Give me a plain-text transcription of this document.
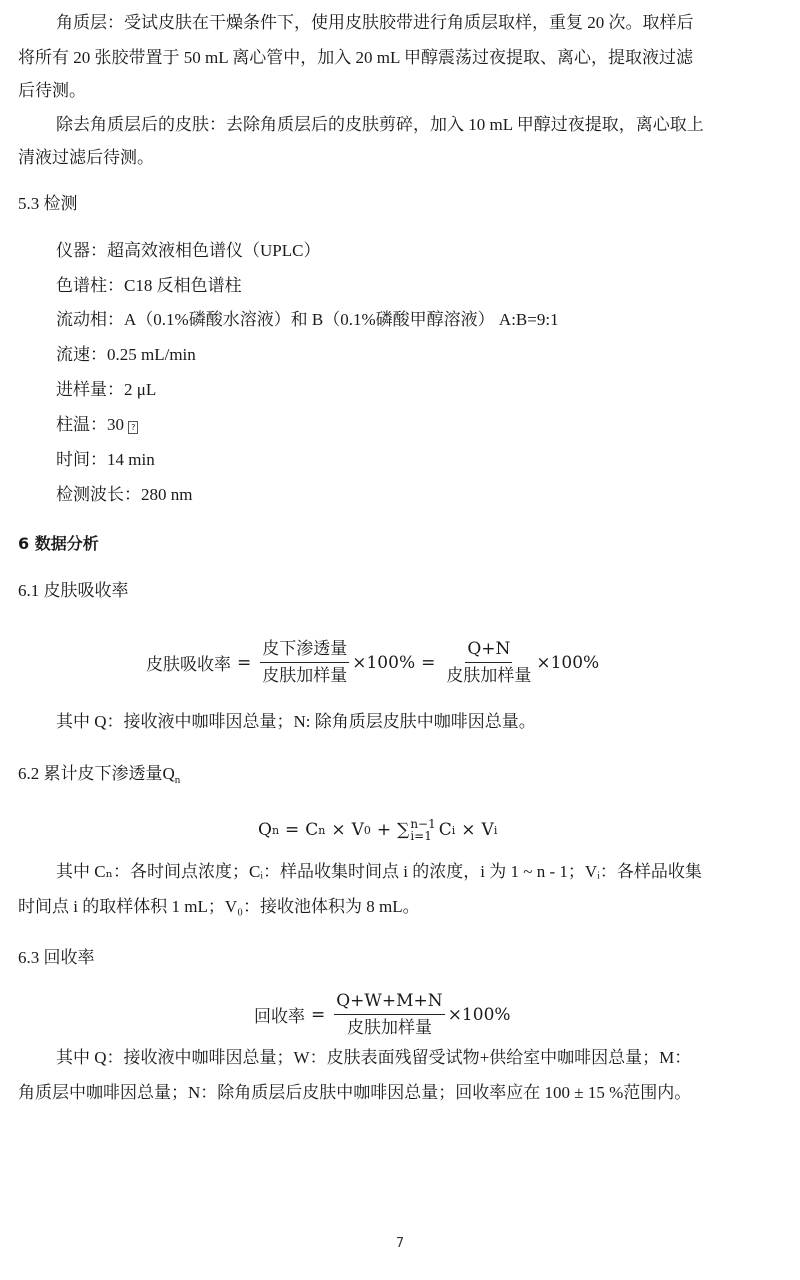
角质层：受试皮肤在干燥条件下，使用皮肤胶带进行角质层取样，重复 20 次。取样后
将所有 20 张胶带置于 50 mL 离心管中，加入 20 mL 甲醇震荡过夜提取、离心，提取液过滤
后待测。
除去角质层后的皮肤：去除角质层后的皮肤剪碎，加入 10 mL 甲醇过夜提取，离心取上
清液过滤后待测。
5.3 检测
仪器：超高效液相色谱仪（UPLC）
色谱柱：C18 反相色谱柱
流动相：A（0.1%磷酸水溶液）和 B（0.1%磷酸甲醇溶液） A:B=9:1
流速：0.25 mL/min
进样量：2 μL
柱温：30 ?
时间：14 min
检测波长：280 nm
6 数据分析
6.1 皮肤吸收率
皮肤吸收率 = $\frac{\text{皮下渗透量}}{\text{皮肤加样量}} \times 100\% = \frac{Q+N}{\text{皮肤加样量}} \times 100\%$
其中 Q：接收液中咖啡因总量；N: 除角质层皮肤中咖啡因总量。
6.2 累计皮下渗透量$Q_n$
Q n = C n × V 0 + ∑ n−1
i=1 C i × V i
其中 Cₙ：各时间点浓度；Cᵢ：样品收集时间点 i 的浓度，i 为 1 ~ n - 1；Vᵢ：各样品收集
时间点 i 的取样体积 1 mL；V₀：接收池体积为 8 mL。
6.3 回收率
回收率 = $\frac{Q+W+M+N}{\text{皮肤加样量}} \times 100\%$
其中 Q：接收液中咖啡因总量；W：皮肤表面残留受试物+供给室中咖啡因总量；M：
角质层中咖啡因总量；N：除角质层后皮肤中咖啡因总量；回收率应在 100 ± 15 %范围内。
7
